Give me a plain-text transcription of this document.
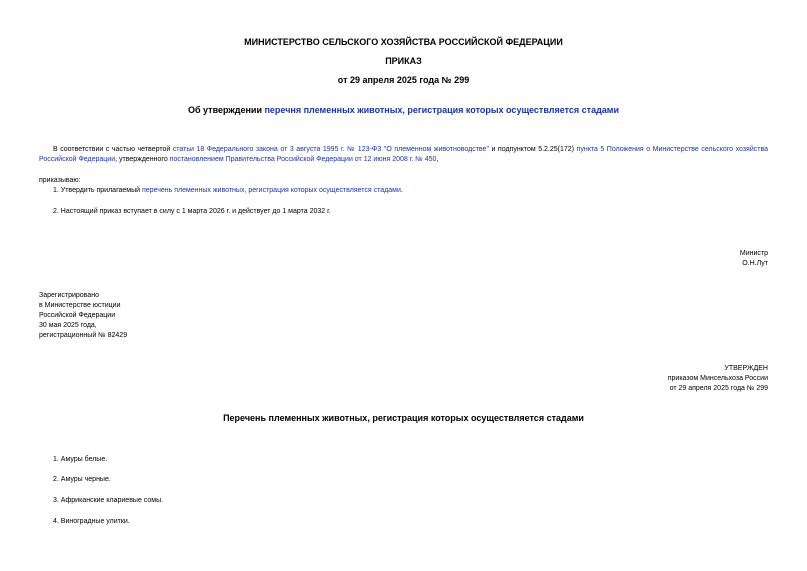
МИНИСТЕРСТВО СЕЛЬСКОГО ХОЗЯЙСТВА РОССИЙСКОЙ ФЕДЕРАЦИИ
ПРИКАЗ
от 29 апреля 2025 года № 299
Об утверждении перечня племенных животных, регистрация которых осуществляется стадами
В соответствии с частью четвертой статьи 18 Федерального закона от 3 августа 1995 г. № 123-ФЗ "О племенном животноводстве" и подпунктом 5.2.25(172) пункта 5 Положения о Министерстве сельского хозяйства Российской Федерации, утвержденного постановлением Правительства Российской Федерации от 12 июня 2008 г. № 450,
приказываю:
1. Утвердить прилагаемый перечень племенных животных, регистрация которых осуществляется стадами.
2. Настоящий приказ вступает в силу с 1 марта 2026 г. и действует до 1 марта 2032 г.
Министр
О.Н.Лут

Зарегистрировано

в Министерстве юстиции

Российской Федерации

30 мая 2025 года,

регистрационный № 82429

УТВЕРЖДЕН

приказом Минсельхоза России

от 29 апреля 2025 года № 299

Перечень племенных животных, регистрация которых осуществляется стадами
1. Амуры белые.
2. Амуры черные.
3. Африканские клариевые сомы.
4. Виноградные улитки.
